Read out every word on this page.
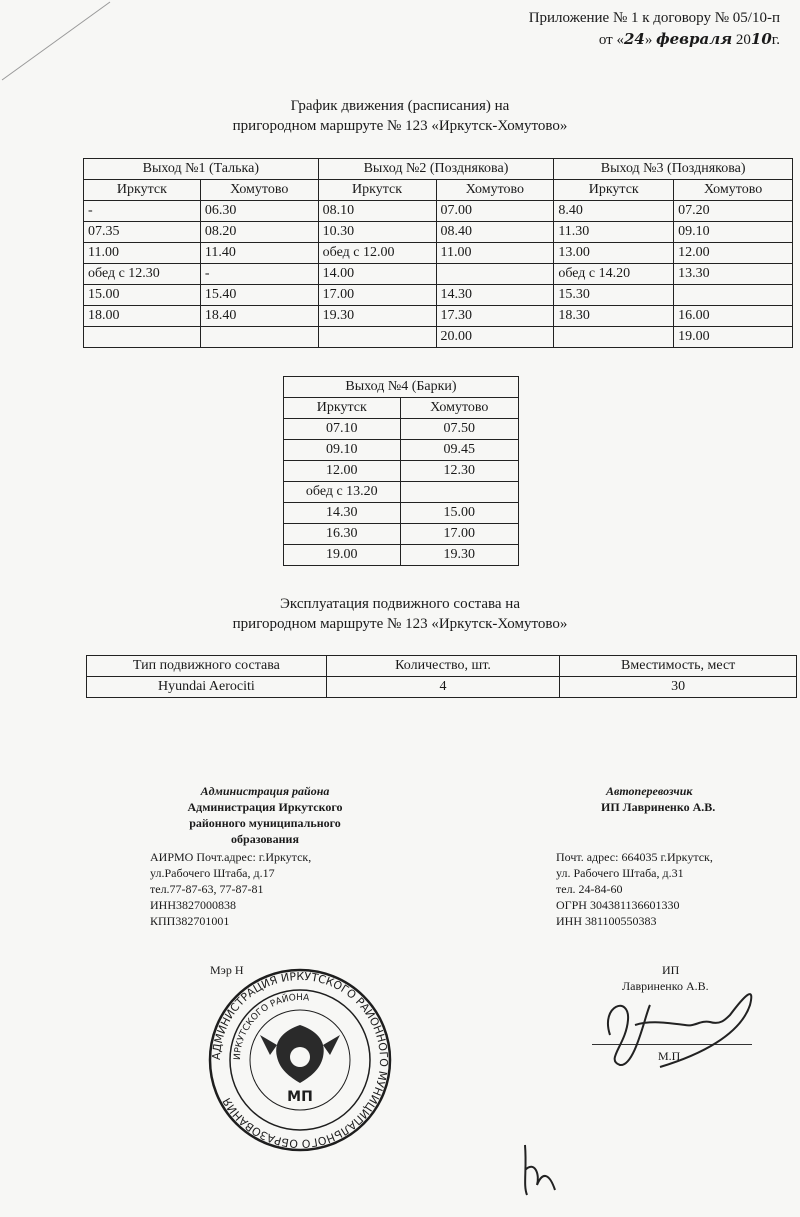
Приложение № 1 к договору № 05/10-п
от «24» февраля 2010г.
График движения (расписания) на
пригородном маршруте № 123 «Иркутск-Хомутово»
Выход №1 (Талька)		Выход №2 (Позднякова)		Выход №3 (Позднякова)	
Иркутск	Хомутово	Иркутск	Хомутово	Иркутск	Хомутово
-	06.30	08.10	07.00	8.40	07.20
07.35	08.20	10.30	08.40	11.30	09.10
11.00	11.40	обед с 12.00	11.00	13.00	12.00
обед с 12.30	-	14.00		обед с 14.20	13.30
15.00	15.40	17.00	14.30	15.30	
18.00	18.40	19.30	17.30	18.30	16.00
			20.00		19.00
Выход №4 (Барки)	
Иркутск	Хомутово
07.10	07.50
09.10	09.45
12.00	12.30
обед с 13.20	
14.30	15.00
16.30	17.00
19.00	19.30
Эксплуатация подвижного состава на
пригородном маршруте № 123 «Иркутск-Хомутово»
Тип подвижного состава	Количество, шт.	Вместимость, мест
Hyundai Aerociti	4	30
Администрация района
Администрация Иркутского
районного муниципального
образования
АИРМО Почт.адрес: г.Иркутск,
ул.Рабочего Штаба, д.17
тел.77-87-63, 77-87-81
ИНН3827000838
КПП382701001
Мэр Н
Автоперевозчик
ИП Лавриненко А.В.
Почт. адрес: 664035 г.Иркутск,
ул. Рабочего Штаба, д.31
тел. 24-84-60
ОГРН 304381136601330
ИНН 381100550383
ИП
Лавриненко А.В.
М.П.
АДМИНИСТРАЦИЯ ИРКУТСКОГО РАЙОННОГО МУНИЦИПАЛЬНОГО ОБРАЗОВАНИЯ
ИРКУТСКОГО РАЙОНА
МП
